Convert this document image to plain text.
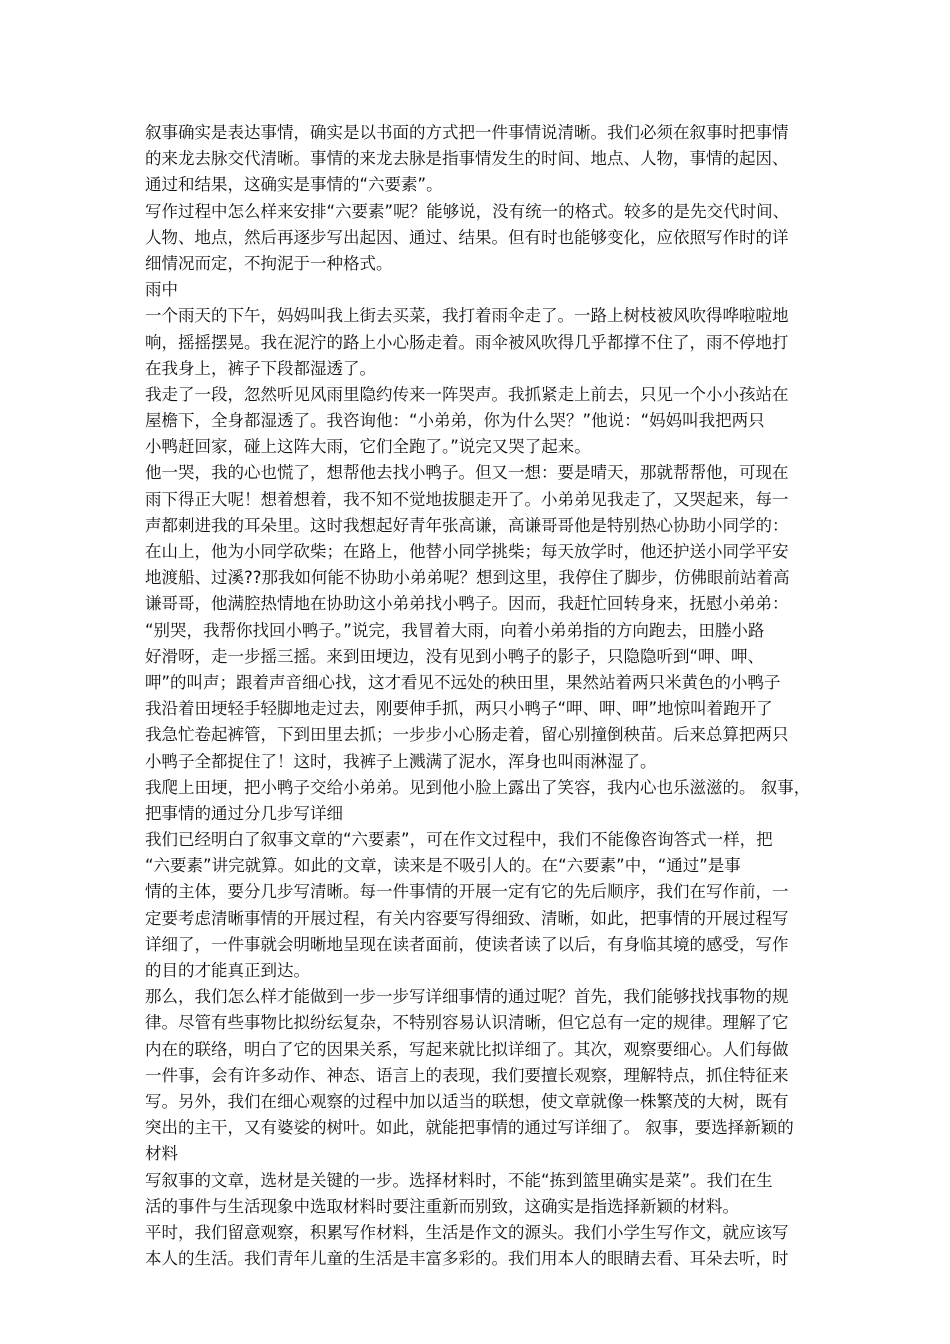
叙事确实是表达事情，确实是以书面的方式把一件事情说清晰。我们必须在叙事时把事情
的来龙去脉交代清晰。事情的来龙去脉是指事情发生的时间、地点、人物，事情的起因、
通过和结果，这确实是事情的“六要素”。
写作过程中怎么样来安排“六要素”呢？能够说，没有统一的格式。较多的是先交代时间、
人物、地点，然后再逐步写出起因、通过、结果。但有时也能够变化，应依照写作时的详
细情况而定，不拘泥于一种格式。
雨中
一个雨天的下午，妈妈叫我上街去买菜，我打着雨伞走了。一路上树枝被风吹得哗啦啦地
响，摇摇摆晃。我在泥泞的路上小心肠走着。雨伞被风吹得几乎都撑不住了，雨不停地打
在我身上，裤子下段都湿透了。
我走了一段，忽然听见风雨里隐约传来一阵哭声。我抓紧走上前去，只见一个小小孩站在
屋檐下，全身都湿透了。我咨询他：“小弟弟，你为什么哭？”他说：“妈妈叫我把两只
小鸭赶回家，碰上这阵大雨，它们全跑了。”说完又哭了起来。
他一哭，我的心也慌了，想帮他去找小鸭子。但又一想：要是晴天，那就帮帮他，可现在
雨下得正大呢！想着想着，我不知不觉地拔腿走开了。小弟弟见我走了，又哭起来，每一
声都刺进我的耳朵里。这时我想起好青年张高谦，高谦哥哥他是特别热心协助小同学的：
在山上，他为小同学砍柴；在路上，他替小同学挑柴；每天放学时，他还护送小同学平安
地渡船、过溪??那我如何能不协助小弟弟呢？想到这里，我停住了脚步，仿佛眼前站着高
谦哥哥，他满腔热情地在协助这小弟弟找小鸭子。因而，我赶忙回转身来，抚慰小弟弟：
“别哭，我帮你找回小鸭子。”说完，我冒着大雨，向着小弟弟指的方向跑去，田塍小路
好滑呀，走一步摇三摇。来到田埂边，没有见到小鸭子的影子，只隐隐听到“呷、呷、
呷”的叫声；跟着声音细心找，这才看见不远处的秧田里，果然站着两只米黄色的小鸭子
我沿着田埂轻手轻脚地走过去，刚要伸手抓，两只小鸭子“呷、呷、呷”地惊叫着跑开了
我急忙卷起裤管，下到田里去抓；一步步小心肠走着，留心别撞倒秧苗。后来总算把两只
小鸭子全都捉住了！这时，我裤子上溅满了泥水，浑身也叫雨淋湿了。
我爬上田埂，把小鸭子交给小弟弟。见到他小脸上露出了笑容，我内心也乐滋滋的。 叙事，
把事情的通过分几步写详细
我们已经明白了叙事文章的“六要素”，可在作文过程中，我们不能像咨询答式一样，把
“六要素”讲完就算。如此的文章，读来是不吸引人的。在“六要素”中，“通过”是事
情的主体，要分几步写清晰。每一件事情的开展一定有它的先后顺序，我们在写作前，一
定要考虑清晰事情的开展过程，有关内容要写得细致、清晰，如此，把事情的开展过程写
详细了，一件事就会明晰地呈现在读者面前，使读者读了以后，有身临其境的感受，写作
的目的才能真正到达。
那么，我们怎么样才能做到一步一步写详细事情的通过呢？首先，我们能够找找事物的规
律。尽管有些事物比拟纷纭复杂，不特别容易认识清晰，但它总有一定的规律。理解了它
内在的联络，明白了它的因果关系，写起来就比拟详细了。其次，观察要细心。人们每做
一件事，会有许多动作、神态、语言上的表现，我们要擅长观察，理解特点，抓住特征来
写。另外，我们在细心观察的过程中加以适当的联想，使文章就像一株繁茂的大树，既有
突出的主干，又有婆娑的树叶。如此，就能把事情的通过写详细了。 叙事，要选择新颖的
材料
写叙事的文章，选材是关键的一步。选择材料时，不能“拣到篮里确实是菜”。我们在生
活的事件与生活现象中选取材料时要注重新而别致，这确实是指选择新颖的材料。
平时，我们留意观察，积累写作材料，生活是作文的源头。我们小学生写作文，就应该写
本人的生活。我们青年儿童的生活是丰富多彩的。我们用本人的眼睛去看、耳朵去听，时
